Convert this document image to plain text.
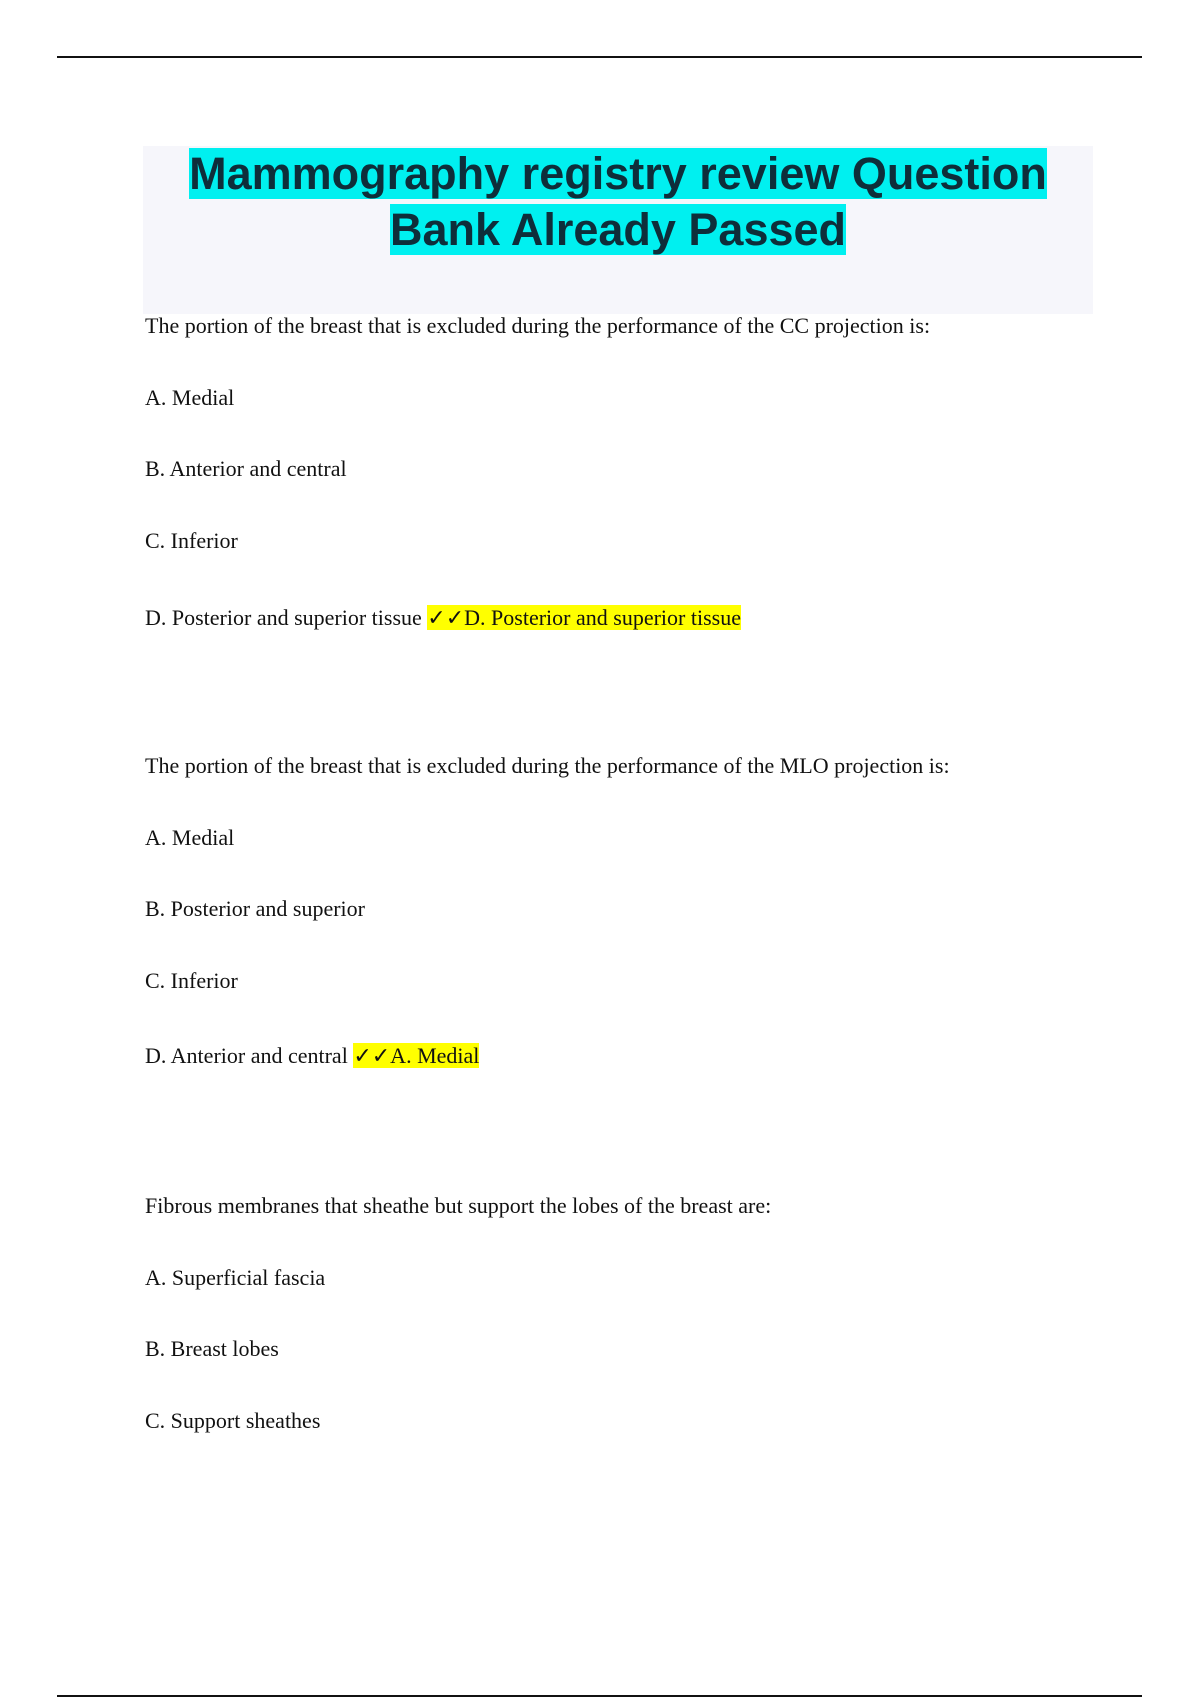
Mammography registry review Question
Bank Already Passed
The portion of the breast that is excluded during the performance of the CC projection is:
A. Medial
B. Anterior and central
C. Inferior
D. Posterior and superior tissue ✓✓D. Posterior and superior tissue
The portion of the breast that is excluded during the performance of the MLO projection is:
A. Medial
B. Posterior and superior
C. Inferior
D. Anterior and central ✓✓A. Medial
Fibrous membranes that sheathe but support the lobes of the breast are:
A. Superficial fascia
B. Breast lobes
C. Support sheathes
